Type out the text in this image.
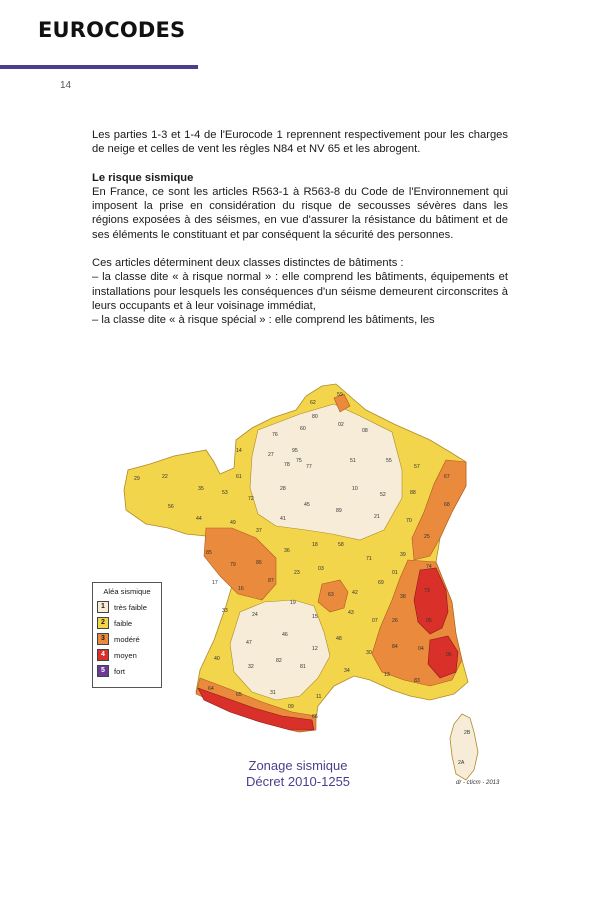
EUROCODES
14

Les parties 1-3 et 1-4 de l'Eurocode 1 reprennent respectivement pour les charges de neige et celles de vent les règles N84 et NV 65 et les abrogent.

Le risque sismique

En France, ce sont les articles R563-1 à R563-8 du Code de l'Environnement qui imposent la prise en considération du risque de secousses sévères dans les régions exposées à des séismes, en vue d'assurer la résistance du bâtiment et de ses éléments le constituant et par conséquent la sécurité des personnes.

Ces articles déterminent deux classes distinctes de bâtiments :

– la classe dite « à risque normal » : elle comprend les bâtiments, équipements et installations pour lesquels les conséquences d'un séisme demeurent circonscrites à leurs occupants et à leur voisinage immédiat,

– la classe dite « à risque spécial » : elle comprend les bâtiments, les

59
62
80
76
60
02
08
14
27
95
78
75
77
51	55
57
67
29	22
35
53
61
72
28
45
10
52	88
56
44
49
37
41
89
21
70
25
68
85
79	86
36
18	58
71
39
01
74
17
16
87
23
03
63	42
69
38
73
33
24
19
15
43
07	26	05
47
46
12
48
30
84	04
06
40
32
82
81
34
13
83
64
65	31
09
11
66
2B
2A
Aléa sismique
1	très faible
2	faible
3	modéré
4	moyen
5	fort
Zonage sismique
Décret 2010-1255	dr - cticm - 2013
